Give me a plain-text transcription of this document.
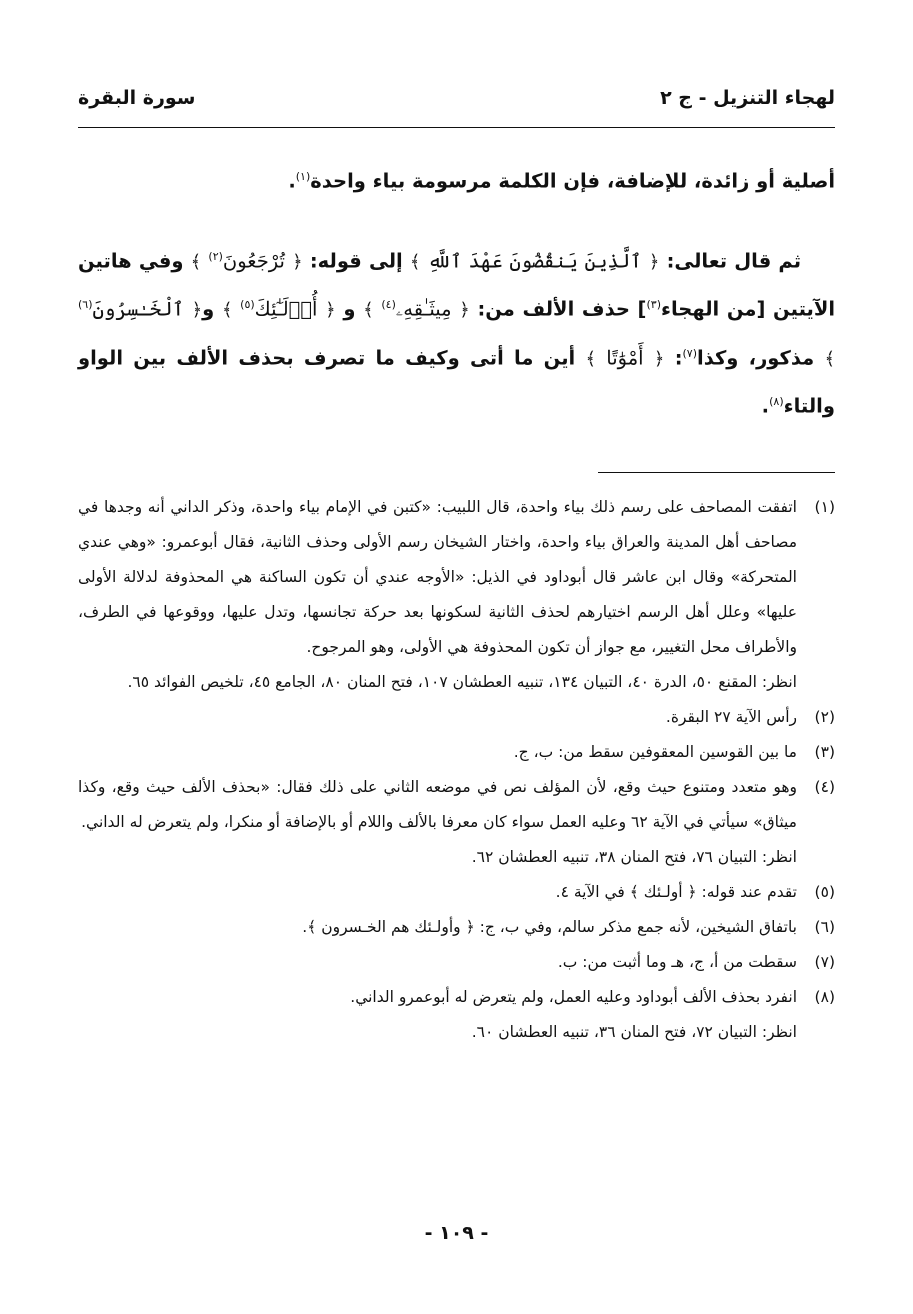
لهجاء التنزيل - ج ٢
سورة البقرة

أصلية أو زائدة، للإضافة، فإن الكلمة مرسومة بياء واحدة$^{(١)}$.

ثم قال تعالى: ﴿ ٱلَّذِينَ يَنقُضُونَ عَهْدَ ٱللَّهِ ﴾ إلى قوله: ﴿ تُرْجَعُونَ$^{(٢)}$ ﴾ وفي هاتين الآيتين [من الهجاء$^{(٣)}$] حذف الألف من: ﴿ مِيثَـٰقِهِۦ$^{(٤)}$ ﴾ و ﴿ أُو۟لَـٰٓئِكَ$^{(٥)}$ ﴾ و﴿ ٱلْخَـٰسِرُونَ$^{(٦)}$ ﴾ مذكور، وكذا$^{(٧)}$: ﴿ أَمْوَٰتًا ﴾ أين ما أتى وكيف ما تصرف بحذف الألف بين الواو والتاء$^{(٨)}$.

(١)

اتفقت المصاحف على رسم ذلك بياء واحدة، قال اللبيب: «كتبن في الإمام بياء واحدة، وذكر الداني أنه وجدها في مصاحف أهل المدينة والعراق بياء واحدة، واختار الشيخان رسم الأولى وحذف الثانية، فقال أبوعمرو: «وهي عندي المتحركة» وقال ابن عاشر قال أبوداود في الذيل: «الأوجه عندي أن تكون الساكنة هي المحذوفة لدلالة الأولى عليها» وعلل أهل الرسم اختيارهم لحذف الثانية لسكونها بعد حركة تجانسها، وتدل عليها، ووقوعها في الطرف، والأطراف محل التغيير، مع جواز أن تكون المحذوفة هي الأولى، وهو المرجوح.

انظر: المقنع ٥٠، الدرة ٤٠، التبيان ١٣٤، تنبيه العطشان ١٠٧، فتح المنان ٨٠، الجامع ٤٥، تلخيص الفوائد ٦٥.

(٢)

رأس الآية ٢٧ البقرة.

(٣)

ما بين القوسين المعقوفين سقط من: ب، ج.

(٤)

وهو متعدد ومتنوع حيث وقع، لأن المؤلف نص في موضعه الثاني على ذلك فقال: «بحذف الألف حيث وقع، وكذا ميثاق» سيأتي في الآية ٦٢ وعليه العمل سواء كان معرفا بالألف واللام أو بالإضافة أو منكرا، ولم يتعرض له الداني.

انظر: التبيان ٧٦، فتح المنان ٣٨، تنبيه العطشان ٦٢.

(٥)

تقدم عند قوله: ﴿ أولـئك ﴾ في الآية ٤.

(٦)

باتفاق الشيخين، لأنه جمع مذكر سالم، وفي ب، ج: ﴿ وأولـئك هم الخـسرون ﴾.

(٧)

سقطت من أ، ج، هـ وما أثبت من: ب.

(٨)

انفرد بحذف الألف أبوداود وعليه العمل، ولم يتعرض له أبوعمرو الداني.

انظر: التبيان ٧٢، فتح المنان ٣٦، تنبيه العطشان ٦٠.

- ١٠٩ -
